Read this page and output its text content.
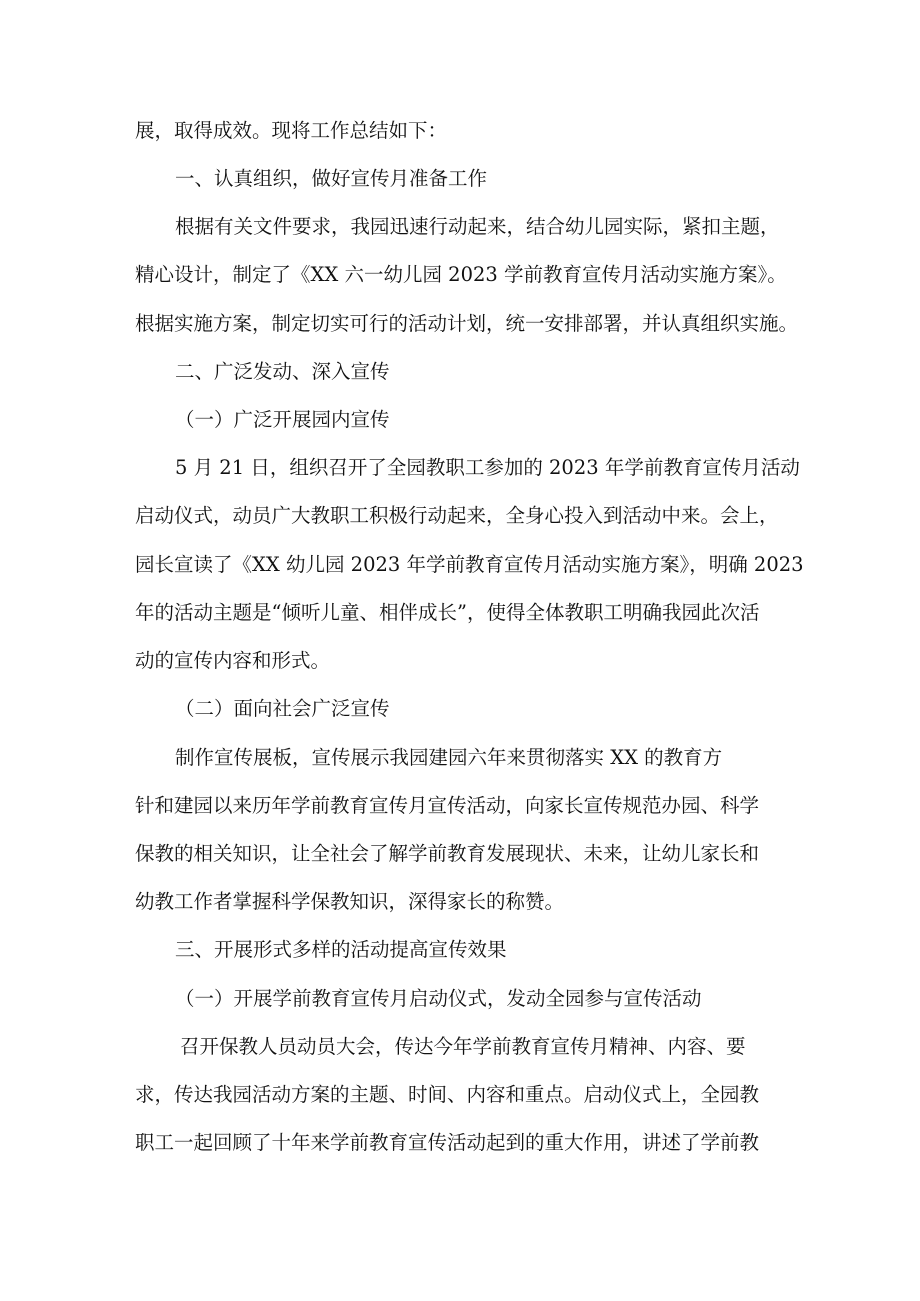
展，取得成效。现将工作总结如下：
一、认真组织，做好宣传月准备工作
根据有关文件要求，我园迅速行动起来，结合幼儿园实际，紧扣主题，
精心设计，制定了《XX 六一幼儿园 2023 学前教育宣传月活动实施方案》。
根据实施方案，制定切实可行的活动计划，统一安排部署，并认真组织实施。
二、广泛发动、深入宣传
（一）广泛开展园内宣传
5 月 21 日，组织召开了全园教职工参加的 2023 年学前教育宣传月活动
启动仪式，动员广大教职工积极行动起来，全身心投入到活动中来。会上，
园长宣读了《XX 幼儿园 2023 年学前教育宣传月活动实施方案》，明确 2023
年的活动主题是“倾听儿童、相伴成长”，使得全体教职工明确我园此次活
动的宣传内容和形式。
（二）面向社会广泛宣传
制作宣传展板，宣传展示我园建园六年来贯彻落实 XX 的教育方
针和建园以来历年学前教育宣传月宣传活动，向家长宣传规范办园、科学
保教的相关知识，让全社会了解学前教育发展现状、未来，让幼儿家长和
幼教工作者掌握科学保教知识，深得家长的称赞。
三、开展形式多样的活动提高宣传效果
（一）开展学前教育宣传月启动仪式，发动全园参与宣传活动
召开保教人员动员大会，传达今年学前教育宣传月精神、内容、要
求，传达我园活动方案的主题、时间、内容和重点。启动仪式上，全园教
职工一起回顾了十年来学前教育宣传活动起到的重大作用，讲述了学前教
